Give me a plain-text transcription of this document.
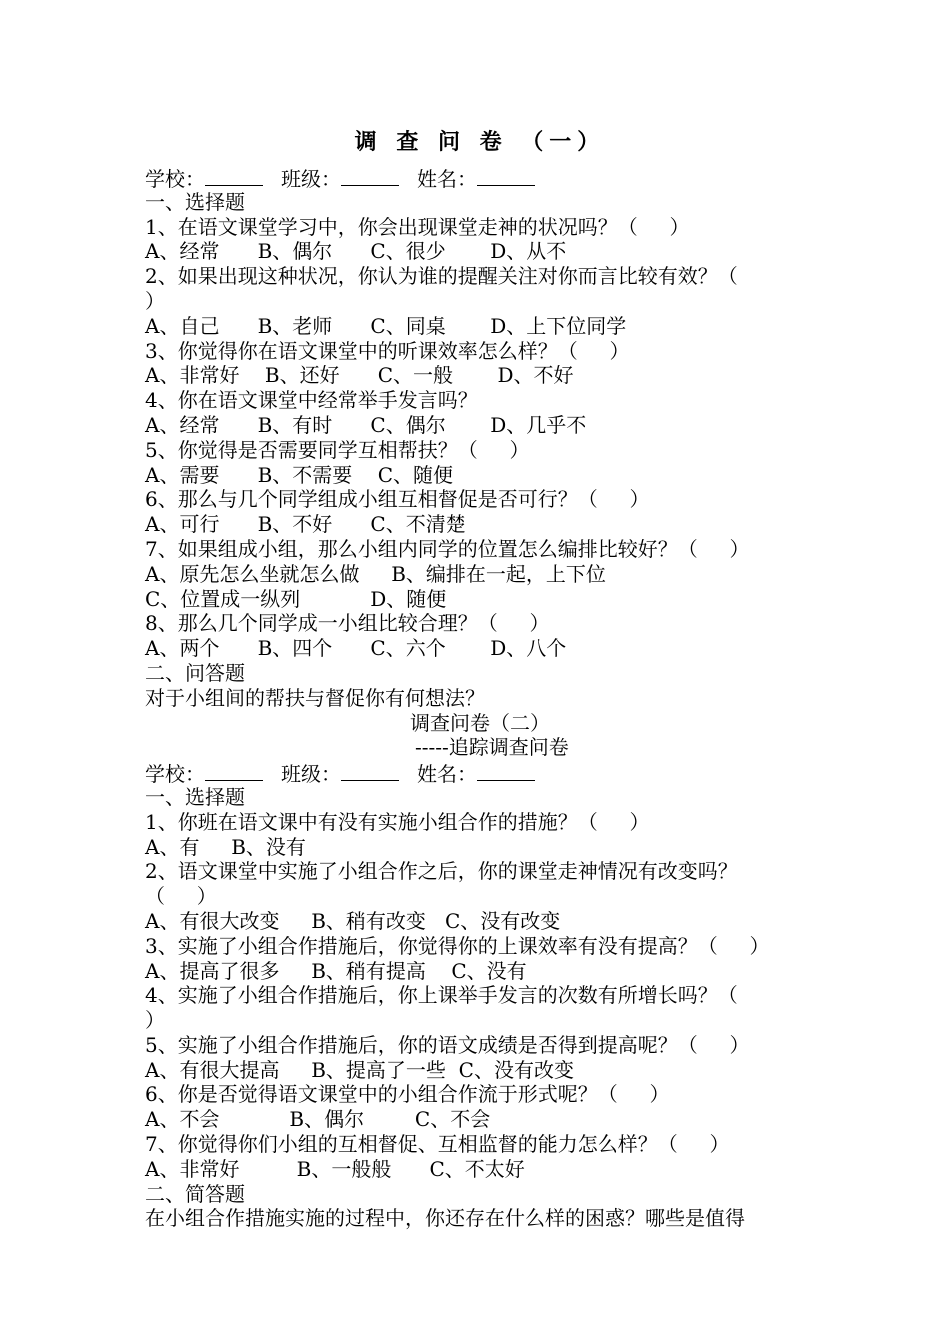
调 查 问 卷 （一）
学校：	班级：	姓名：
一、选择题
1、在语文课堂学习中，你会出现课堂走神的状况吗？（     ）
A、经常      B、偶尔      C、很少       D、从不
2、如果出现这种状况，你认为谁的提醒关注对你而言比较有效？（
）
A、自己      B、老师      C、同桌       D、上下位同学
3、你觉得你在语文课堂中的听课效率怎么样？（     ）
A、非常好    B、还好      C、一般       D、不好
4、你在语文课堂中经常举手发言吗？
A、经常      B、有时      C、偶尔       D、几乎不
5、你觉得是否需要同学互相帮扶？（     ）
A、需要      B、不需要    C、随便
6、那么与几个同学组成小组互相督促是否可行？（     ）
A、可行      B、不好      C、不清楚
7、如果组成小组，那么小组内同学的位置怎么编排比较好？（     ）
A、原先怎么坐就怎么做     B、编排在一起，上下位
C、位置成一纵列           D、随便
8、那么几个同学成一小组比较合理？（     ）
A、两个      B、四个      C、六个       D、八个
二、问答题
对于小组间的帮扶与督促你有何想法？
调查问卷（二）
-----追踪调查问卷
学校：	班级：	姓名：
一、选择题
1、你班在语文课中有没有实施小组合作的措施？（     ）
A、有     B、没有
2、语文课堂中实施了小组合作之后，你的课堂走神情况有改变吗？
（     ）
A、有很大改变     B、稍有改变   C、没有改变
3、实施了小组合作措施后，你觉得你的上课效率有没有提高？（     ）
A、提高了很多     B、稍有提高    C、没有
4、实施了小组合作措施后，你上课举手发言的次数有所增长吗？（
）
5、实施了小组合作措施后，你的语文成绩是否得到提高呢？（     ）
A、有很大提高     B、提高了一些  C、没有改变
6、你是否觉得语文课堂中的小组合作流于形式呢？（     ）
A、不会           B、偶尔        C、不会
7、你觉得你们小组的互相督促、互相监督的能力怎么样？（     ）
A、非常好         B、一般般      C、不太好
二、简答题
在小组合作措施实施的过程中，你还存在什么样的困惑？哪些是值得
